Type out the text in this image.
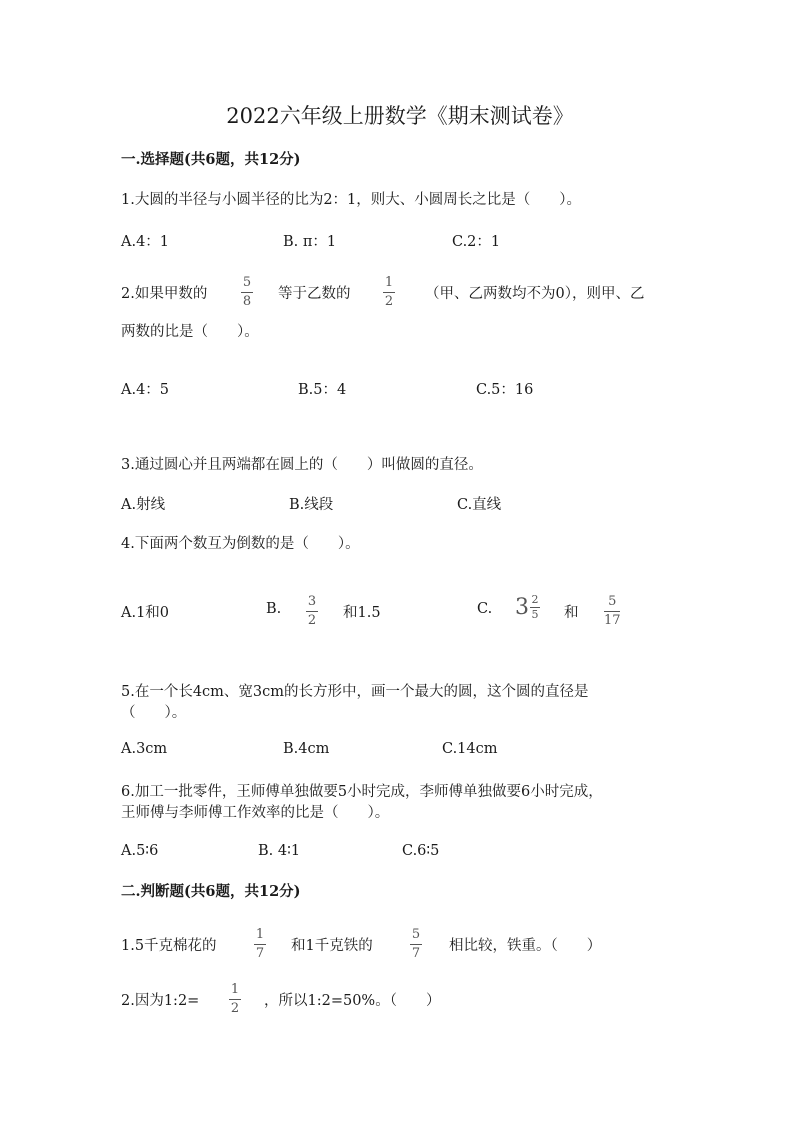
2022六年级上册数学《期末测试卷》
一.选择题(共6题，共12分)
1.大圆的半径与小圆半径的比为2：1，则大、小圆周长之比是（　　）。
A.4：1	B. π：1	C.2：1
2.如果甲数的
5
8 等于乙数的
1
2 （甲、乙两数均不为0），则甲、乙
两数的比是（　　）。
A.4：5	B.5：4	C.5：16
3.通过圆心并且两端都在圆上的（　　）叫做圆的直径。
A.射线	B.线段	C.直线
4.下面两个数互为倒数的是（　　）。
A.1和0	B. 3
2 和1.5	C. $3 \frac{2}{5}$ 和
5
17
5.在一个长4cm、宽3cm的长方形中，画一个最大的圆，这个圆的直径是
（　　）。
A.3cm	B.4cm	C.14cm
6.加工一批零件，王师傅单独做要5小时完成，李师傅单独做要6小时完成，
王师傅与李师傅工作效率的比是（　　）。
A.5∶6	B. 4∶1	C.6∶5
二.判断题(共6题，共12分)
1.5千克棉花的
1
7 和1千克铁的
5
7 相比较，铁重。（　　）
2.因为1:2=
1
2 ，所以1:2=50%。（　　）
